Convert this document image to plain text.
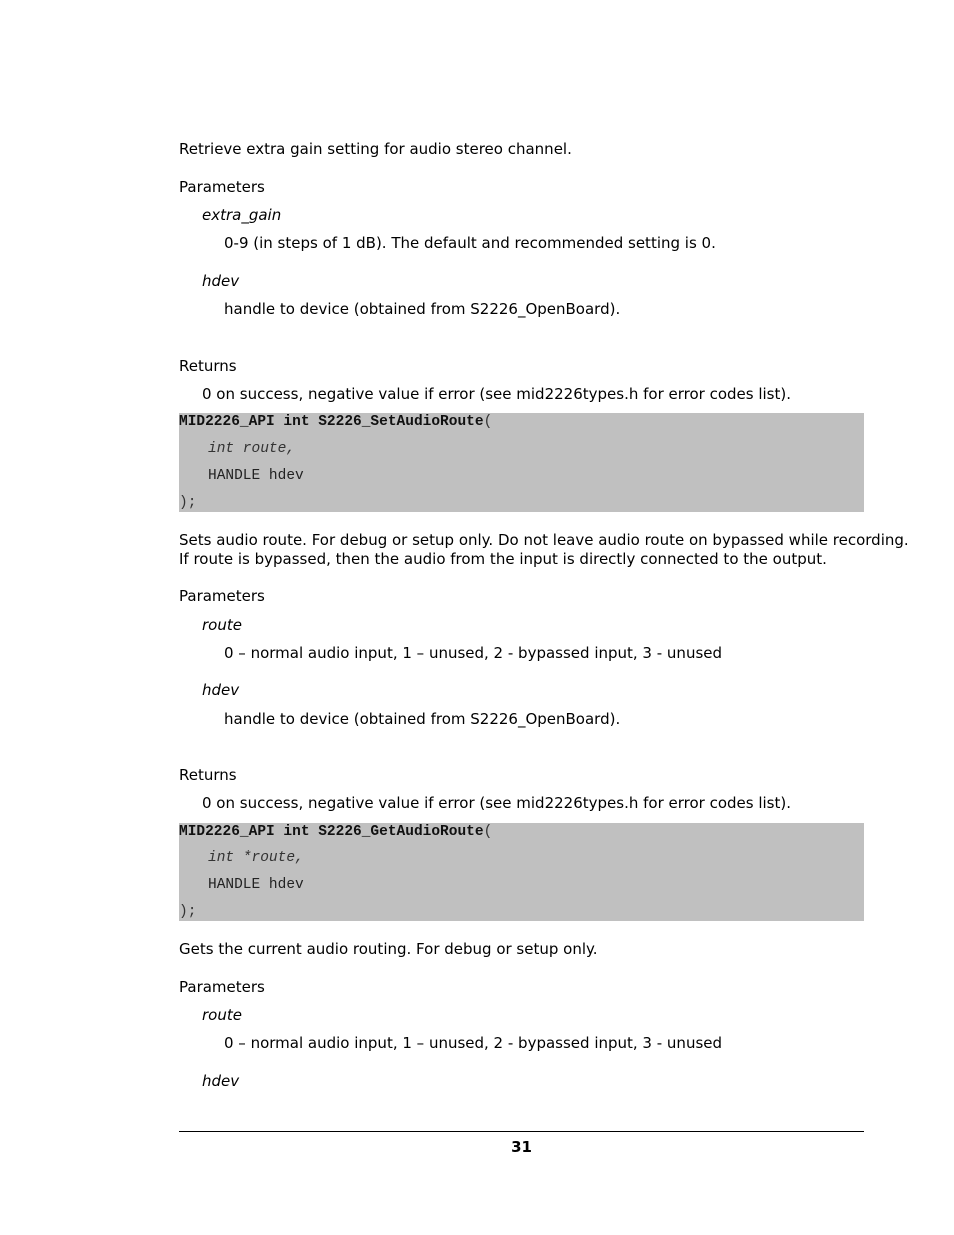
Retrieve extra gain setting for audio stereo channel.
Parameters
extra_gain
0-9 (in steps of 1 dB). The default and recommended setting is 0.
hdev
handle to device (obtained from S2226_OpenBoard).
Returns
0 on success, negative value if error (see mid2226types.h for error codes list).
MID2226_API int S2226_SetAudioRoute(
int route,
HANDLE hdev
);
Sets audio route. For debug or setup only. Do not leave audio route on bypassed while recording.
If route is bypassed, then the audio from the input is directly connected to the output.
Parameters
route
0 – normal audio input, 1 – unused, 2 - bypassed input, 3 - unused
hdev
handle to device (obtained from S2226_OpenBoard).
Returns
0 on success, negative value if error (see mid2226types.h for error codes list).
MID2226_API int S2226_GetAudioRoute(
int *route,
HANDLE hdev
);
Gets the current audio routing. For debug or setup only.
Parameters
route
0 – normal audio input, 1 – unused, 2 - bypassed input, 3 - unused
hdev
31
